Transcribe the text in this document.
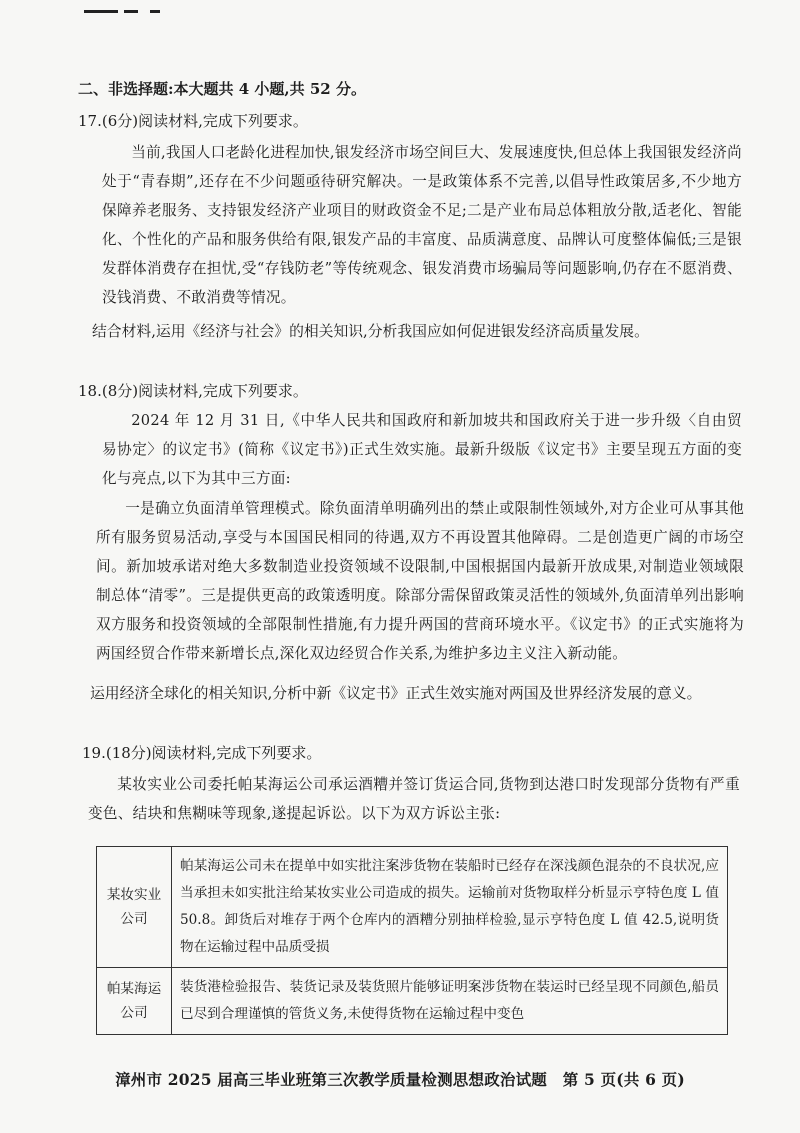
二、非选择题:本大题共 4 小题,共 52 分。
17.(6分)阅读材料,完成下列要求。
当前,我国人口老龄化进程加快,银发经济市场空间巨大、发展速度快,但总体上我国银发经济尚处于“青春期”,还存在不少问题亟待研究解决。一是政策体系不完善,以倡导性政策居多,不少地方保障养老服务、支持银发经济产业项目的财政资金不足;二是产业布局总体粗放分散,适老化、智能化、个性化的产品和服务供给有限,银发产品的丰富度、品质满意度、品牌认可度整体偏低;三是银发群体消费存在担忧,受“存钱防老”等传统观念、银发消费市场骗局等问题影响,仍存在不愿消费、没钱消费、不敢消费等情况。
结合材料,运用《经济与社会》的相关知识,分析我国应如何促进银发经济高质量发展。
18.(8分)阅读材料,完成下列要求。
2024 年 12 月 31 日,《中华人民共和国政府和新加坡共和国政府关于进一步升级〈自由贸易协定〉的议定书》(简称《议定书》)正式生效实施。最新升级版《议定书》主要呈现五方面的变化与亮点,以下为其中三方面:
一是确立负面清单管理模式。除负面清单明确列出的禁止或限制性领域外,对方企业可从事其他所有服务贸易活动,享受与本国国民相同的待遇,双方不再设置其他障碍。二是创造更广阔的市场空间。新加坡承诺对绝大多数制造业投资领域不设限制,中国根据国内最新开放成果,对制造业领域限制总体“清零”。三是提供更高的政策透明度。除部分需保留政策灵活性的领域外,负面清单列出影响双方服务和投资领域的全部限制性措施,有力提升两国的营商环境水平。《议定书》的正式实施将为两国经贸合作带来新增长点,深化双边经贸合作关系,为维护多边主义注入新动能。
运用经济全球化的相关知识,分析中新《议定书》正式生效实施对两国及世界经济发展的意义。
19.(18分)阅读材料,完成下列要求。
某妆实业公司委托帕某海运公司承运酒糟并签订货运合同,货物到达港口时发现部分货物有严重变色、结块和焦糊味等现象,遂提起诉讼。以下为双方诉讼主张:
某妆实业公司	帕某海运公司未在提单中如实批注案涉货物在装船时已经存在深浅颜色混杂的不良状况,应当承担未如实批注给某妆实业公司造成的损失。运输前对货物取样分析显示亨特色度 L 值 50.8。卸货后对堆存于两个仓库内的酒糟分别抽样检验,显示亨特色度 L 值 42.5,说明货物在运输过程中品质受损
帕某海运公司	装货港检验报告、装货记录及装货照片能够证明案涉货物在装运时已经呈现不同颜色,船员已尽到合理谨慎的管货义务,未使得货物在运输过程中变色
漳州市 2025 届高三毕业班第三次教学质量检测思想政治试题　第 5 页(共 6 页)
